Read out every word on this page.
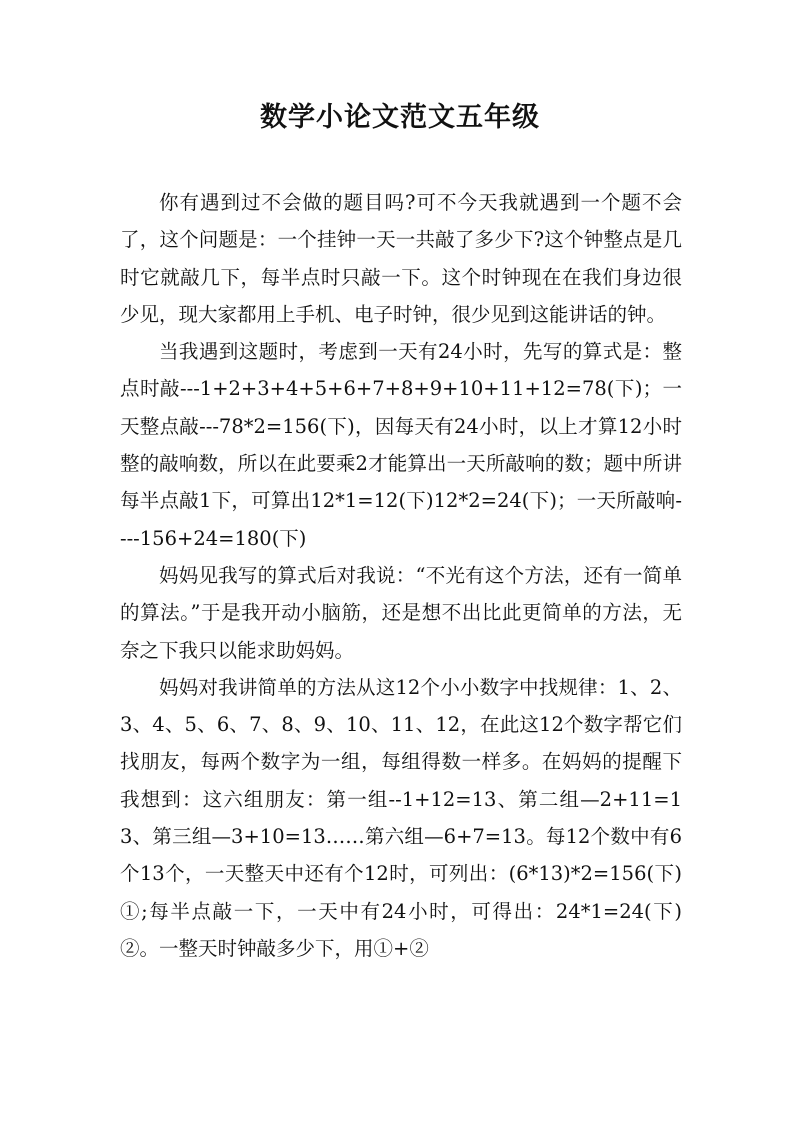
数学小论文范文五年级

你有遇到过不会做的题目吗?可不今天我就遇到一个题不会了，这个问题是：一个挂钟一天一共敲了多少下?这个钟整点是几时它就敲几下，每半点时只敲一下。这个时钟现在在我们身边很少见，现大家都用上手机、电子时钟，很少见到这能讲话的钟。

当我遇到这题时，考虑到一天有24小时，先写的算式是：整点时敲---1+2+3+4+5+6+7+8+9+10+11+12=78(下)；一天整点敲---78*2=156(下)，因每天有24小时，以上才算12小时整的敲响数，所以在此要乘2才能算出一天所敲响的数；题中所讲每半点敲1下，可算出12*1=12(下)12*2=24(下)；一天所敲响----156+24=180(下)

妈妈见我写的算式后对我说：“不光有这个方法，还有一简单的算法。”于是我开动小脑筋，还是想不出比此更简单的方法，无奈之下我只以能求助妈妈。

妈妈对我讲简单的方法从这12个小小数字中找规律：1、2、3、4、5、6、7、8、9、10、11、12，在此这12个数字帮它们找朋友，每两个数字为一组，每组得数一样多。在妈妈的提醒下我想到：这六组朋友：第一组--1+12=13、第二组—2+11=13、第三组—3+10=13……第六组—6+7=13。每12个数中有6个13个，一天整天中还有个12时，可列出：(6*13)*2=156(下)①;每半点敲一下，一天中有24小时，可得出：24*1=24(下)②。一整天时钟敲多少下，用①+②
